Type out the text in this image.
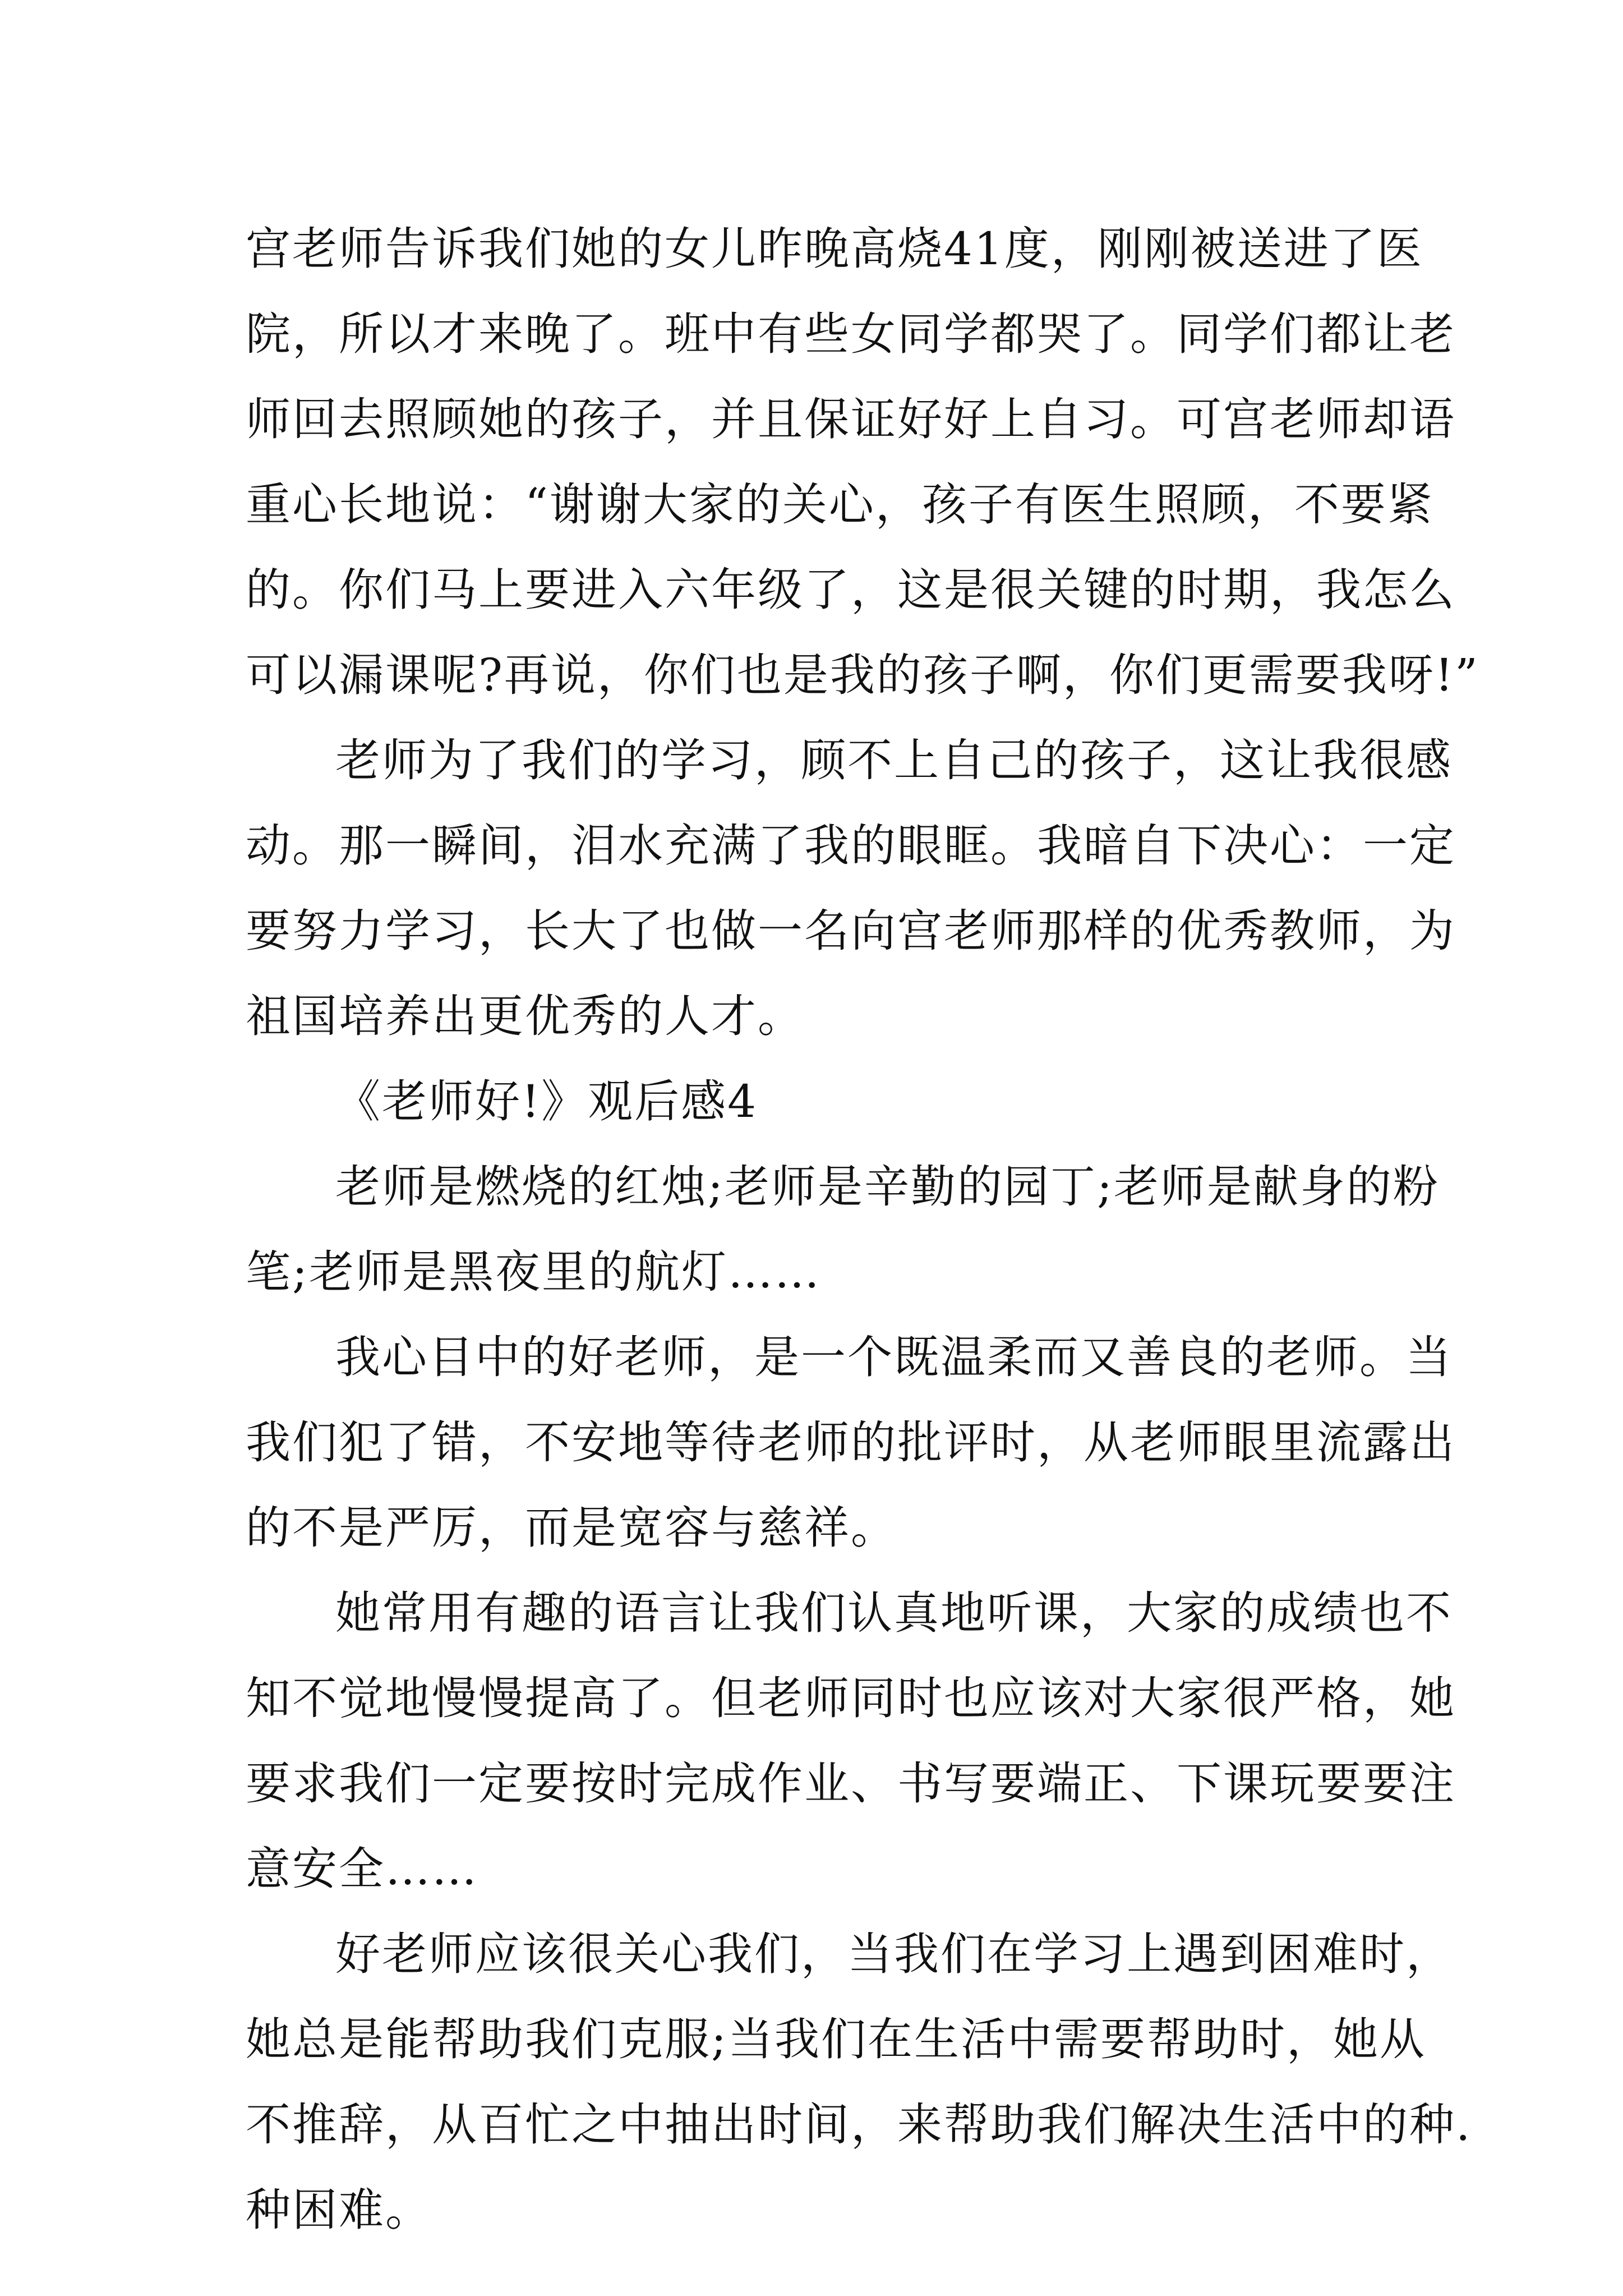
宫老师告诉我们她的女儿昨晚高烧41度，刚刚被送进了医
院，所以才来晚了。班中有些女同学都哭了。同学们都让老
师回去照顾她的孩子，并且保证好好上自习。可宫老师却语
重心长地说：“谢谢大家的关心，孩子有医生照顾，不要紧
的。你们马上要进入六年级了，这是很关键的时期，我怎么
可以漏课呢?再说，你们也是我的孩子啊，你们更需要我呀!”
老师为了我们的学习，顾不上自己的孩子，这让我很感
动。那一瞬间，泪水充满了我的眼眶。我暗自下决心：一定
要努力学习，长大了也做一名向宫老师那样的优秀教师，为
祖国培养出更优秀的人才。
《老师好!》观后感4
老师是燃烧的红烛;老师是辛勤的园丁;老师是献身的粉
笔;老师是黑夜里的航灯……
我心目中的好老师，是一个既温柔而又善良的老师。当
我们犯了错，不安地等待老师的批评时，从老师眼里流露出
的不是严厉，而是宽容与慈祥。
她常用有趣的语言让我们认真地听课，大家的成绩也不
知不觉地慢慢提高了。但老师同时也应该对大家很严格，她
要求我们一定要按时完成作业、书写要端正、下课玩要要注
意安全……
好老师应该很关心我们，当我们在学习上遇到困难时，
她总是能帮助我们克服;当我们在生活中需要帮助时，她从
不推辞，从百忙之中抽出时间，来帮助我们解决生活中的种.
种困难。
